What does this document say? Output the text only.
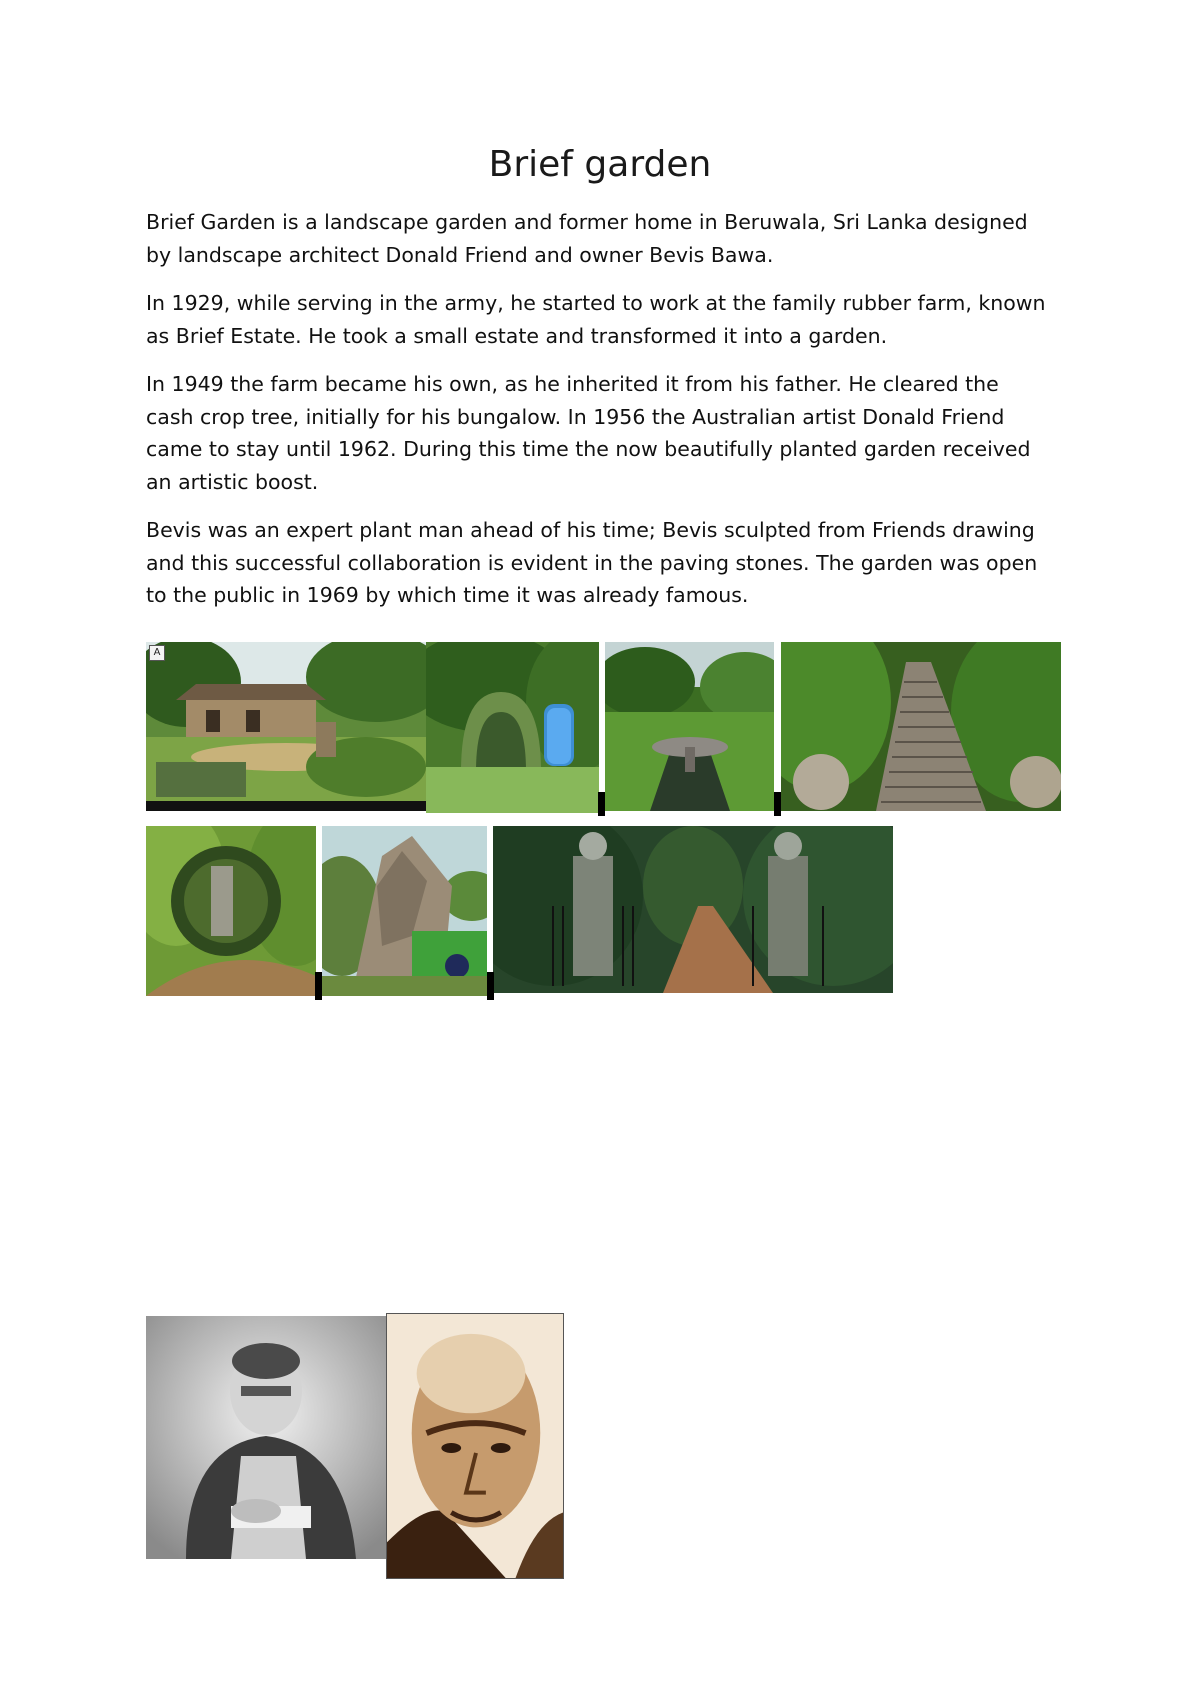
Brief garden

Brief Garden is a landscape garden and former home in Beruwala, Sri Lanka designed by landscape architect Donald Friend and owner Bevis Bawa.

In 1929, while serving in the army, he started to work at the family rubber farm, known as Brief Estate. He took a small estate and transformed it into a garden.

In 1949 the farm became his own, as he inherited it from his father. He cleared the cash crop tree, initially for his bungalow. In 1956 the Australian artist Donald Friend came to stay until 1962. During this time the now beautifully planted garden received an artistic boost.

Bevis was an expert plant man ahead of his time; Bevis sculpted from Friends drawing and this successful collaboration is evident in the paving stones. The garden was open to the public in 1969 by which time it was already famous.

A
